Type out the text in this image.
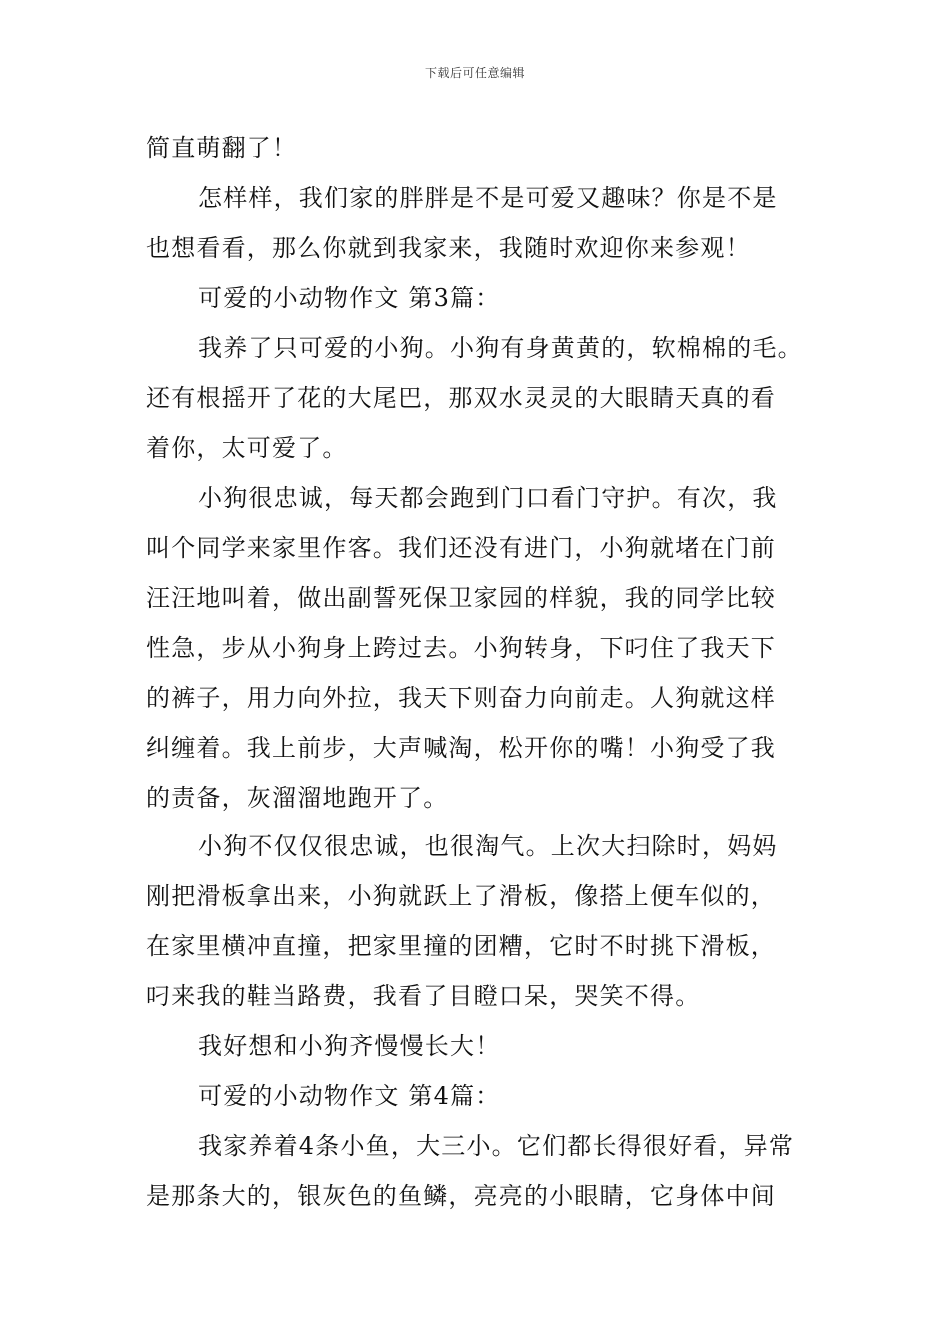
下载后可任意编辑
简直萌翻了！
怎样样，我们家的胖胖是不是可爱又趣味？你是不是
也想看看，那么你就到我家来，我随时欢迎你来参观！
可爱的小动物作文 第3篇：
我养了只可爱的小狗。小狗有身黄黄的，软棉棉的毛。
还有根摇开了花的大尾巴，那双水灵灵的大眼睛天真的看
着你，太可爱了。
小狗很忠诚，每天都会跑到门口看门守护。有次，我
叫个同学来家里作客。我们还没有进门，小狗就堵在门前
汪汪地叫着，做出副誓死保卫家园的样貌，我的同学比较
性急，步从小狗身上跨过去。小狗转身，下叼住了我天下
的裤子，用力向外拉，我天下则奋力向前走。人狗就这样
纠缠着。我上前步，大声喊淘，松开你的嘴！小狗受了我
的责备，灰溜溜地跑开了。
小狗不仅仅很忠诚，也很淘气。上次大扫除时，妈妈
刚把滑板拿出来，小狗就跃上了滑板，像搭上便车似的，
在家里横冲直撞，把家里撞的团糟，它时不时挑下滑板，
叼来我的鞋当路费，我看了目瞪口呆，哭笑不得。
我好想和小狗齐慢慢长大！
可爱的小动物作文 第4篇：
我家养着4条小鱼，大三小。它们都长得很好看，异常
是那条大的，银灰色的鱼鳞，亮亮的小眼睛，它身体中间
